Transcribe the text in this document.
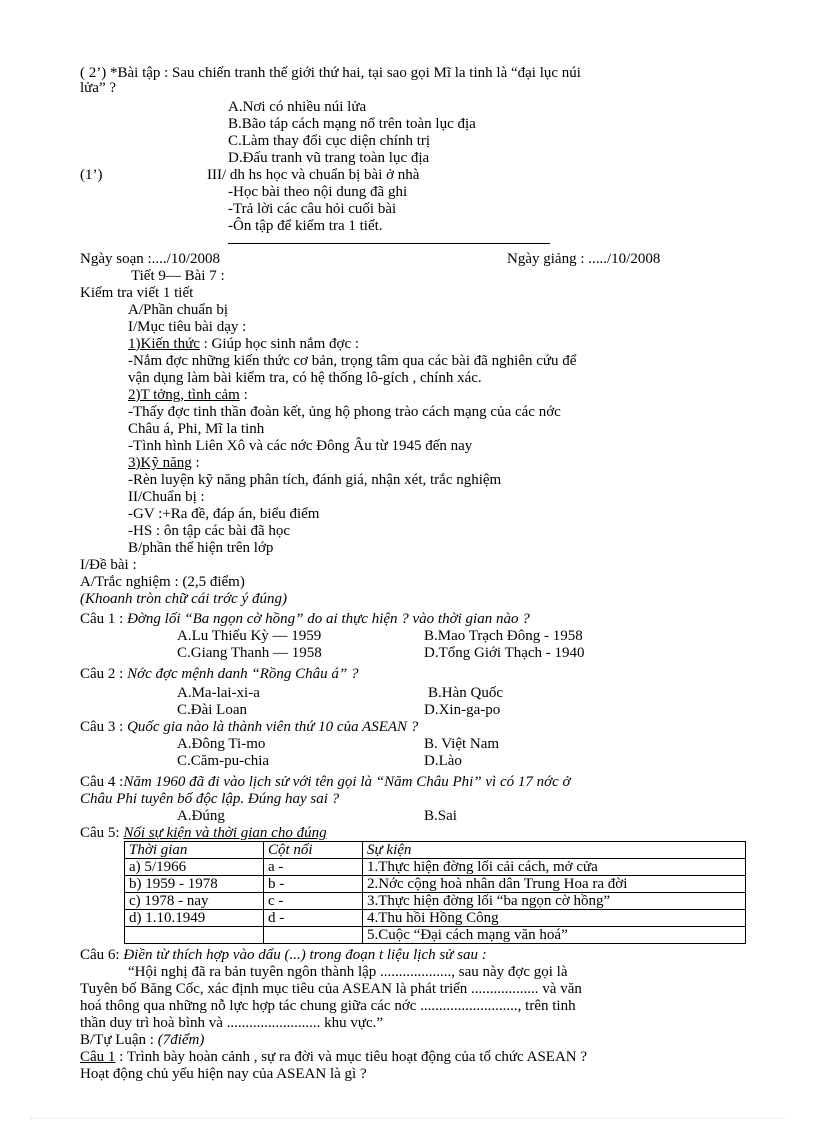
( 2’) *Bài tập : Sau chiến tranh thế giới thứ hai, tại sao gọi Mĩ la tinh là “đại lục núi
lửa” ?
A.Nơi có nhiều núi lửa
B.Bão táp cách mạng nổ trên toàn lục địa
C.Làm thay đổi cục diện chính trị
D.Đấu tranh vũ trang toàn lục địa
(1’)	III/ dh hs học và chuẩn bị bài ở nhà
-Học bài theo nội dung đã ghi
-Trả lời các câu hỏi cuối bài
-Ôn tập để kiểm tra 1 tiết.
Ngày soạn :..../10/2008	Ngày giảng : ...../10/2008
Tiết 9— Bài 7 :
Kiểm tra viết 1 tiết
A/Phần chuẩn bị
I/Mục tiêu bài dạy :
1)Kiến thức : Giúp học sinh nắm đợc :
-Nắm đợc những kiến thức cơ bản, trọng tâm qua các bài đã nghiên cứu để
vận dụng làm bài kiểm tra, có hệ thống lô-gích , chính xác.
2)T tởng, tình cảm :
-Thấy đợc tinh thần đoàn kết, ủng hộ phong trào cách mạng của các nớc
Châu á, Phi, Mĩ la tinh
-Tình hình Liên Xô và các nớc Đông Âu từ 1945 đến nay
3)Kỹ năng :
-Rèn luyện kỹ năng phân tích, đánh giá, nhận xét, trắc nghiệm
II/Chuẩn bị :
-GV :+Ra đề, đáp án, biểu điểm
-HS : ôn tập các bài đã học
B/phần thể hiện trên lớp
I/Đề bài :
A/Trắc nghiệm : (2,5 điểm)
(Khoanh tròn chữ cái trớc ý đúng)
Câu 1 : Đờng lối “Ba ngọn cờ hồng” do ai thực hiện ? vào thời gian nào ?
A.Lu Thiếu Kỳ — 1959	B.Mao Trạch Đông - 1958
C.Giang Thanh — 1958	D.Tổng Giới Thạch - 1940
Câu 2 : Nớc đợc mệnh danh “Rồng Châu á” ?
A.Ma-lai-xi-a	B.Hàn Quốc
C.Đài Loan	D.Xin-ga-po
Câu 3 : Quốc gia nào là thành viên thứ 10 của ASEAN ?
A.Đông Ti-mo	B. Việt Nam
C.Căm-pu-chia	D.Lào
Câu 4 :Năm 1960 đã đi vào lịch sử với tên gọi là “Năm Châu Phi” vì có 17 nớc ở
Châu Phi tuyên bố độc lập. Đúng hay sai ?
A.Đúng	B.Sai
Câu 5: Nối sự kiện và thời gian cho đúng
Thời gian	Cột nối	Sự kiện
a) 5/1966	a -	1.Thực hiện đờng lối cải cách, mở cửa
b) 1959 - 1978	b -	2.Nớc cộng hoà nhân dân Trung Hoa ra đời
c) 1978 - nay	c -	3.Thực hiện đờng lối “ba ngọn cờ hồng”
d) 1.10.1949	d -	4.Thu hồi Hồng Công
		5.Cuộc “Đại cách mạng văn hoá”
Câu 6: Điền từ thích hợp vào dấu (...) trong đoạn t liệu lịch sử sau :
“Hội nghị đã ra bản tuyên ngôn thành lập ..................., sau này đợc gọi là
Tuyên bố Băng Cốc, xác định mục tiêu của ASEAN là phát triển .................. và văn
hoá thông qua những nỗ lực hợp tác chung giữa các nớc .........................., trên tinh
thần duy trì hoà bình và ......................... khu vực.”
B/Tự Luận : (7điểm)
Câu 1 : Trình bày hoàn cảnh , sự ra đời và mục tiêu hoạt động của tổ chức ASEAN ?
Hoạt động chủ yếu hiện nay của ASEAN là gì ?
